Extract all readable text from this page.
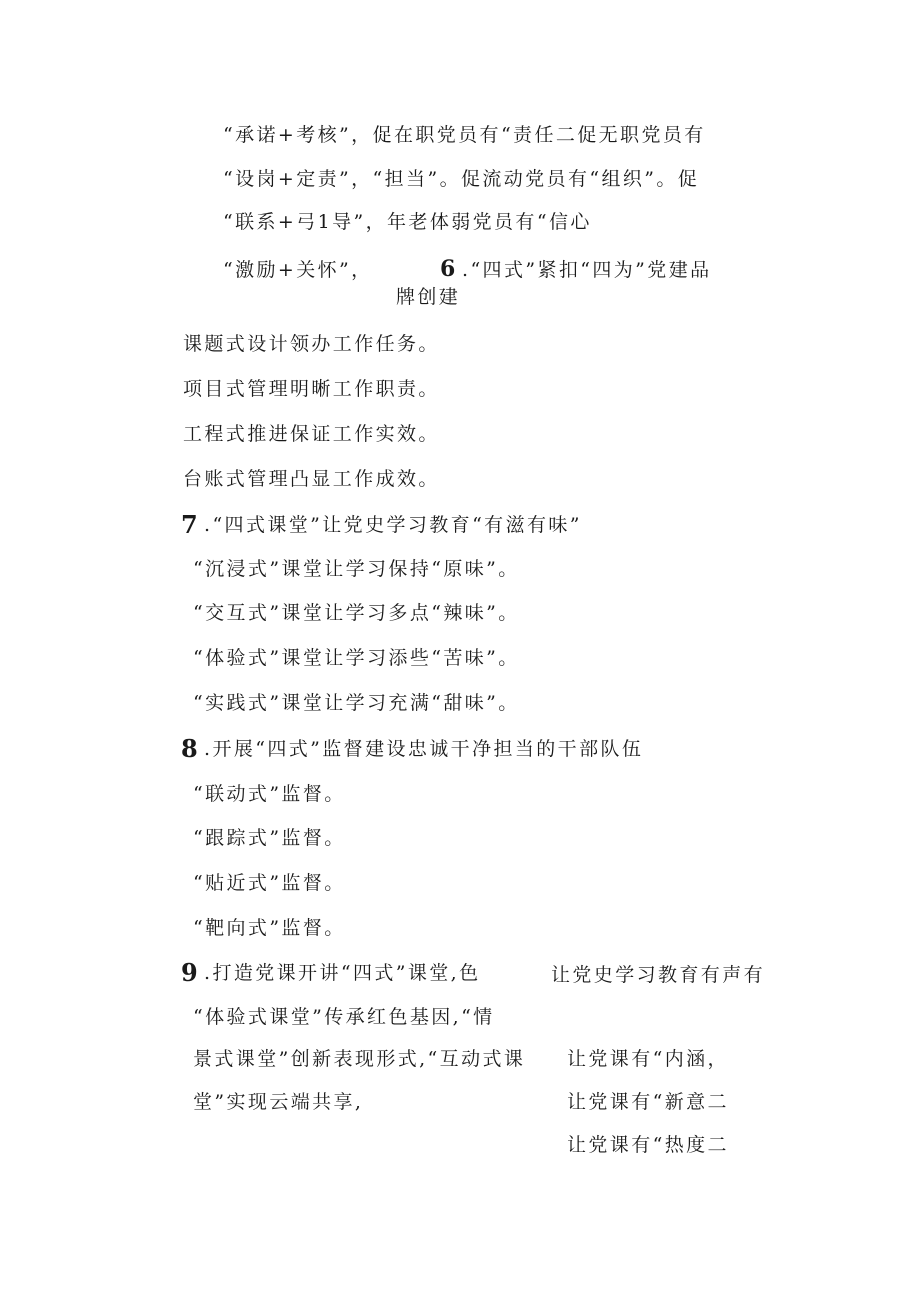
“承诺+考核”，促在职党员有“责任二促无职党员有
“设岗+定责”，“担当”。促流动党员有“组织”。促
“联系+弓1导”，年老体弱党员有“信心
“激励+关怀”，	6 .“四式”紧扣“四为”党建品
牌创建
课题式设计领办工作任务。
项目式管理明晰工作职责。
工程式推进保证工作实效。
台账式管理凸显工作成效。
7 .“四式课堂”让党史学习教育“有滋有味”
“沉浸式”课堂让学习保持“原味”。
“交互式”课堂让学习多点“辣味”。
“体验式”课堂让学习添些“苦味”。
“实践式”课堂让学习充满“甜味”。
8 .开展“四式”监督建设忠诚干净担当的干部队伍
“联动式”监督。
“跟踪式”监督。
“贴近式”监督。
“靶向式”监督。
9 .打造党课开讲“四式”课堂,色	让党史学习教育有声有
“体验式课堂”传承红色基因,“情
景式课堂”创新表现形式,“互动式课
堂”实现云端共享,
让党课有“内涵，
让党课有“新意二
让党课有“热度二
